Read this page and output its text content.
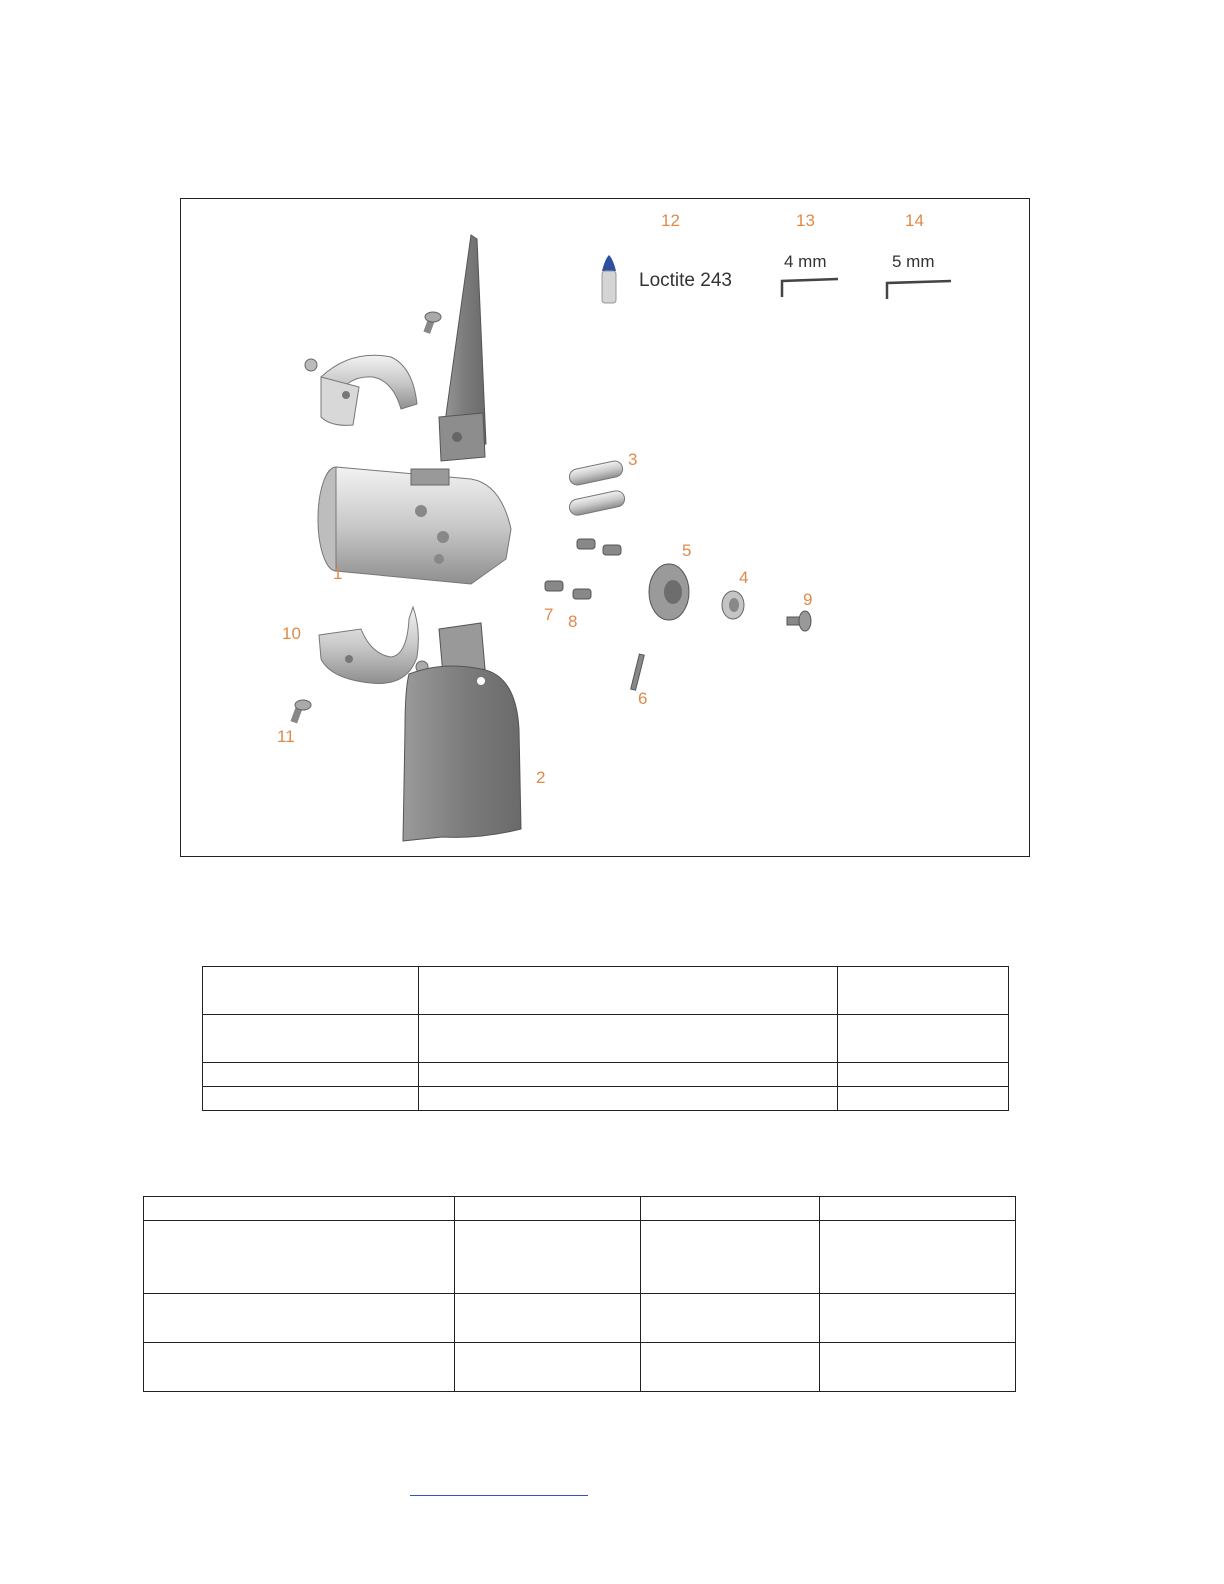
1
2
3
4
5
6
7 8
9
10
11
12	13	14
Loctite 243
4 mm	5 mm
